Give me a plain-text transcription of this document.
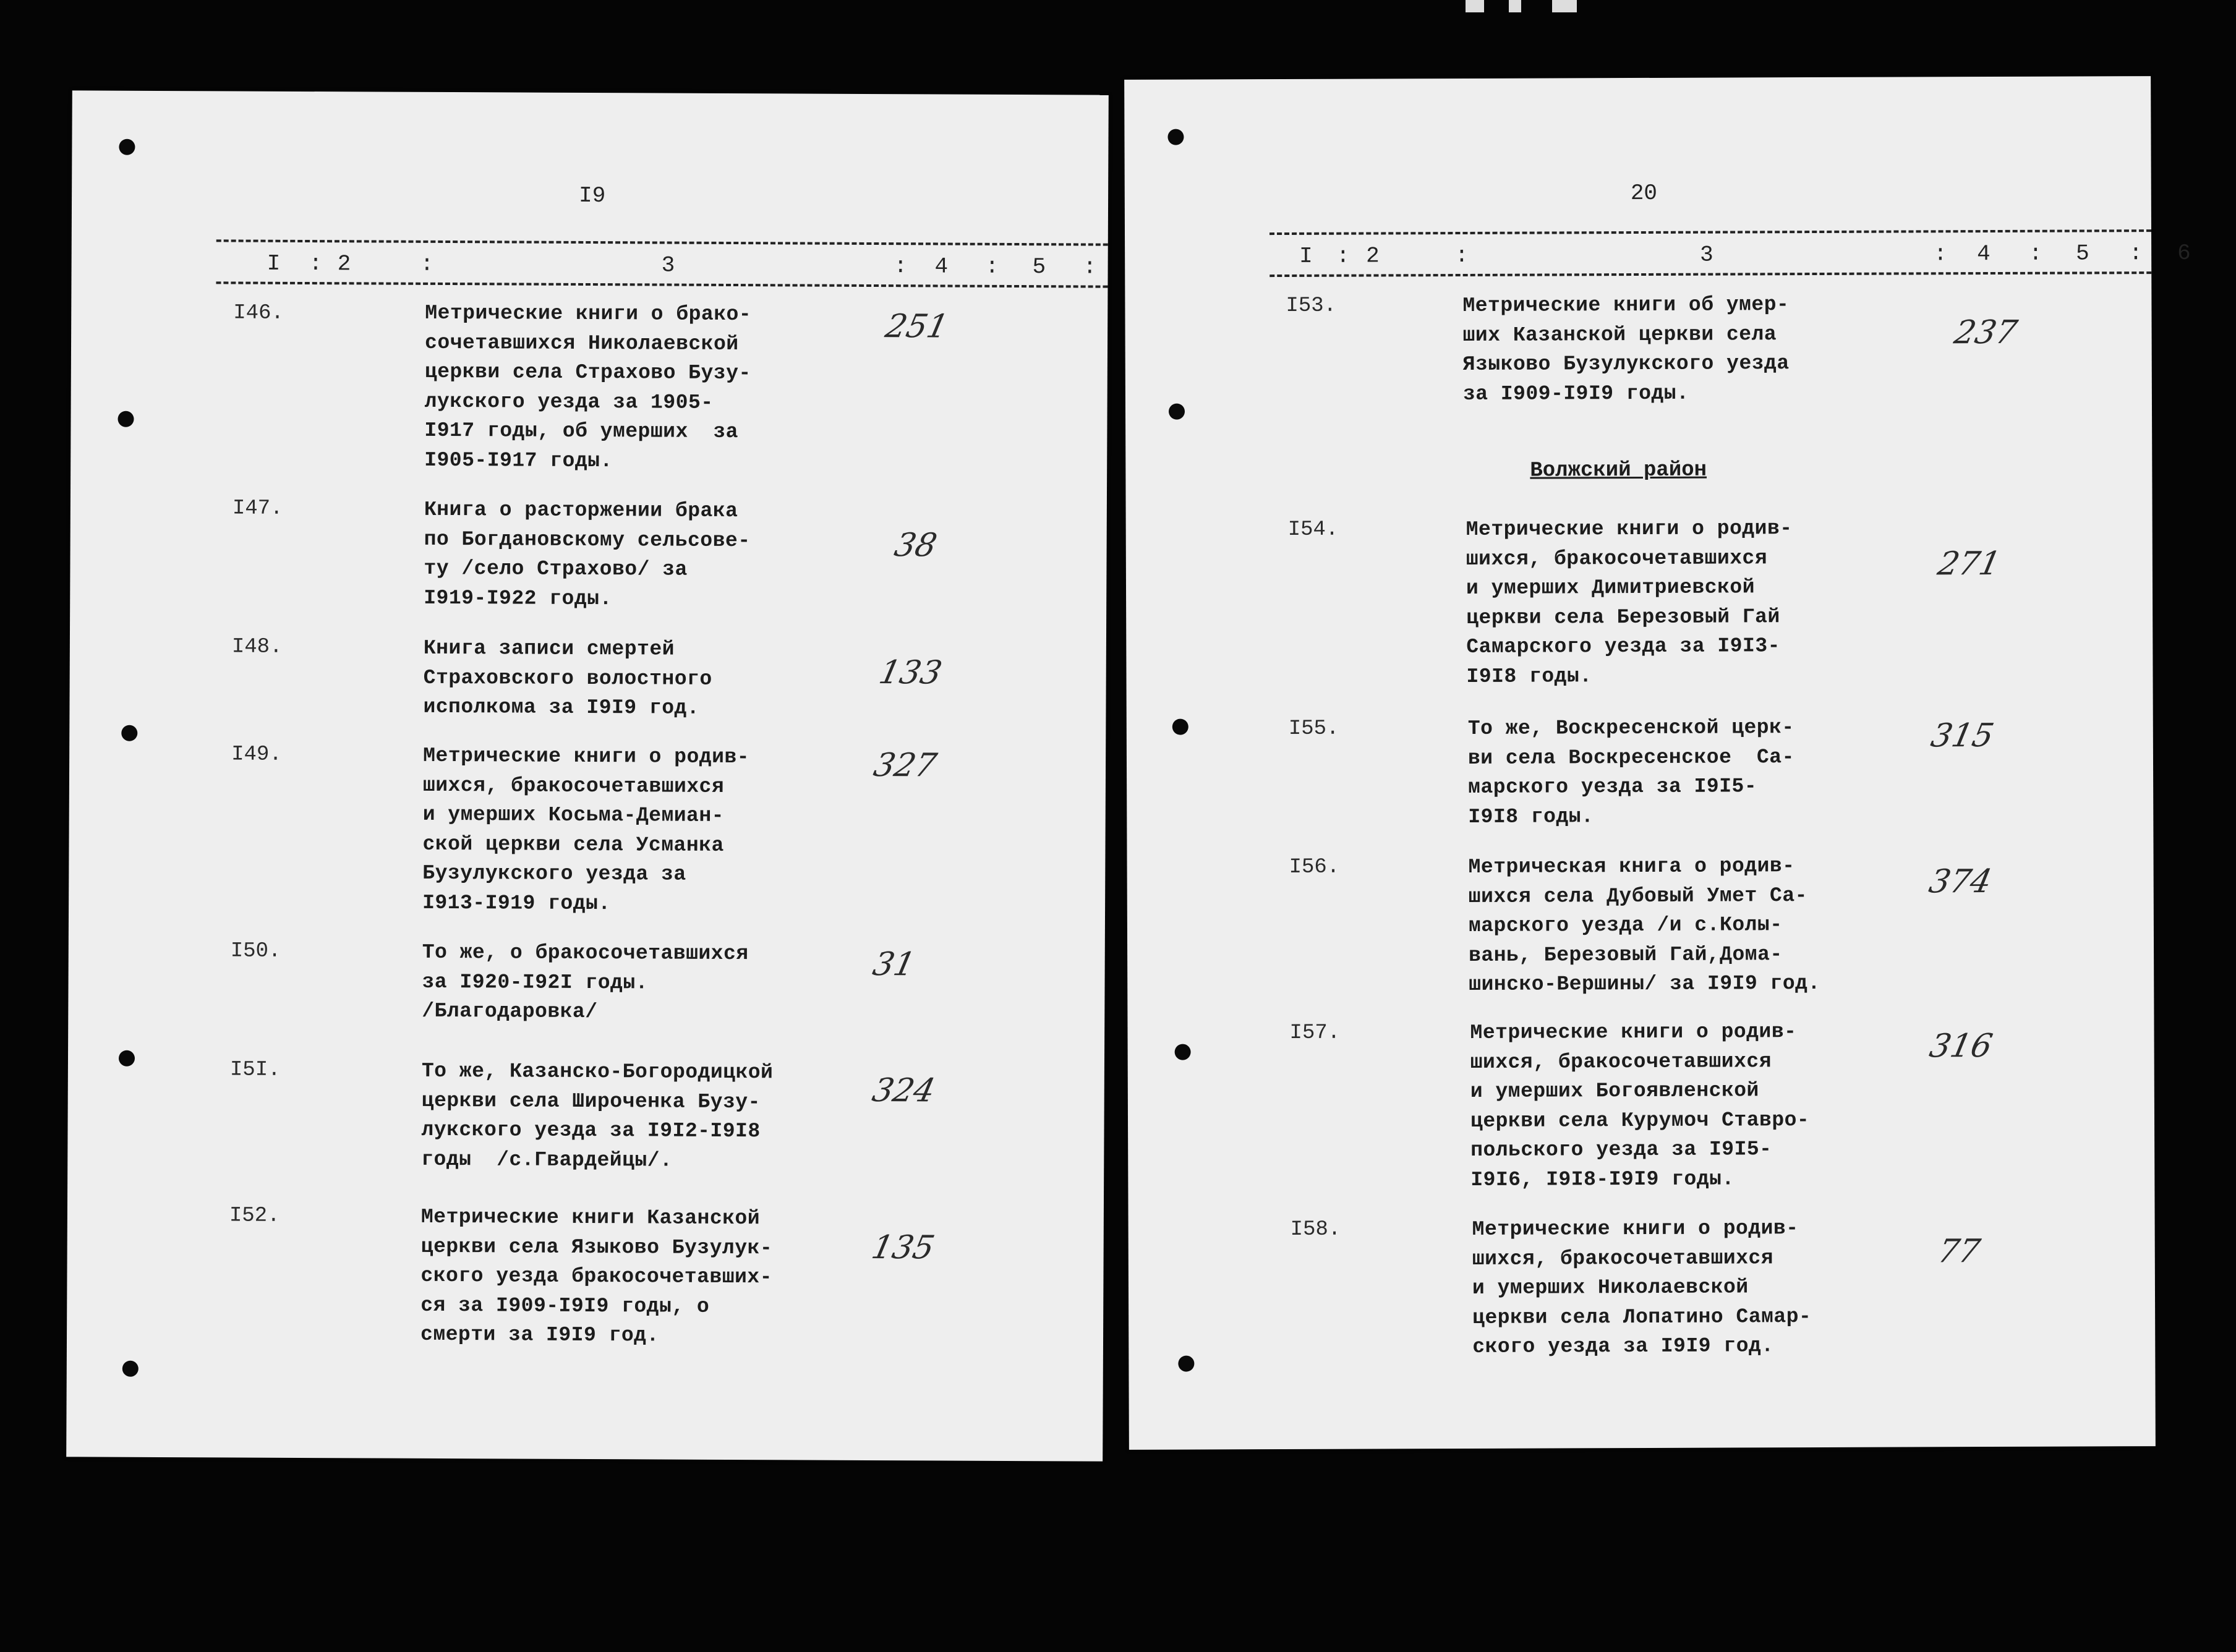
I9
I : 2	:	3	: 4 : 5 :
I46.	Метрические книги о брако-
сочетавшихся Николаевской
церкви села Страхово Бузу-
лукского уезда за 1905-
I917 годы, об умерших  за
I905-I917 годы.
251
I47.	Книга о расторжении брака
по Богдановскому сельсове-
ту /село Страхово/ за
I919-I922 годы.
38
I48.	Книга записи смертей
Страховского волостного
исполкома за I9I9 год.
133
I49.	Метрические книги о родив-
шихся, бракосочетавшихся
и умерших Косьма-Демиан-
ской церкви села Усманка
Бузулукского уезда за
I913-I919 годы.
327
I50.	То же, о бракосочетавшихся
за I920-I92I годы.
/Благодаровка/
31
I5I.	То же, Казанско-Богородицкой
церкви села Широченка Бузу-
лукского уезда за I9I2-I9I8
годы  /с.Гвардейцы/.
324
I52.	Метрические книги Казанской
церкви села Языково Бузулук-
ского уезда бракосочетавших-
ся за I909-I9I9 годы, о
смерти за I9I9 год.
135
20
I : 2	:	3	: 4 : 5 : 6
I53.	Метрические книги об умер-
ших Казанской церкви села
Языково Бузулукского уезда
за I909-I9I9 годы.
237
Волжский район
I54.	Метрические книги о родив-
шихся, бракосочетавшихся
и умерших Димитриевской
церкви села Березовый Гай
Самарского уезда за I9I3-
I9I8 годы.
271
I55.	То же, Воскресенской церк-
ви села Воскресенское  Са-
марского уезда за I9I5-
I9I8 годы.
315
I56.	Метрическая книга о родив-
шихся села Дубовый Умет Са-
марского уезда /и с.Колы-
вань, Березовый Гай,Дома-
шинско-Вершины/ за I9I9 год.
374
I57.	Метрические книги о родив-
шихся, бракосочетавшихся
и умерших Богоявленской
церкви села Курумоч Ставро-
польского уезда за I9I5-
I9I6, I9I8-I9I9 годы.
316
I58.	Метрические книги о родив-
шихся, бракосочетавшихся
и умерших Николаевской
церкви села Лопатино Самар-
ского уезда за I9I9 год.
77
